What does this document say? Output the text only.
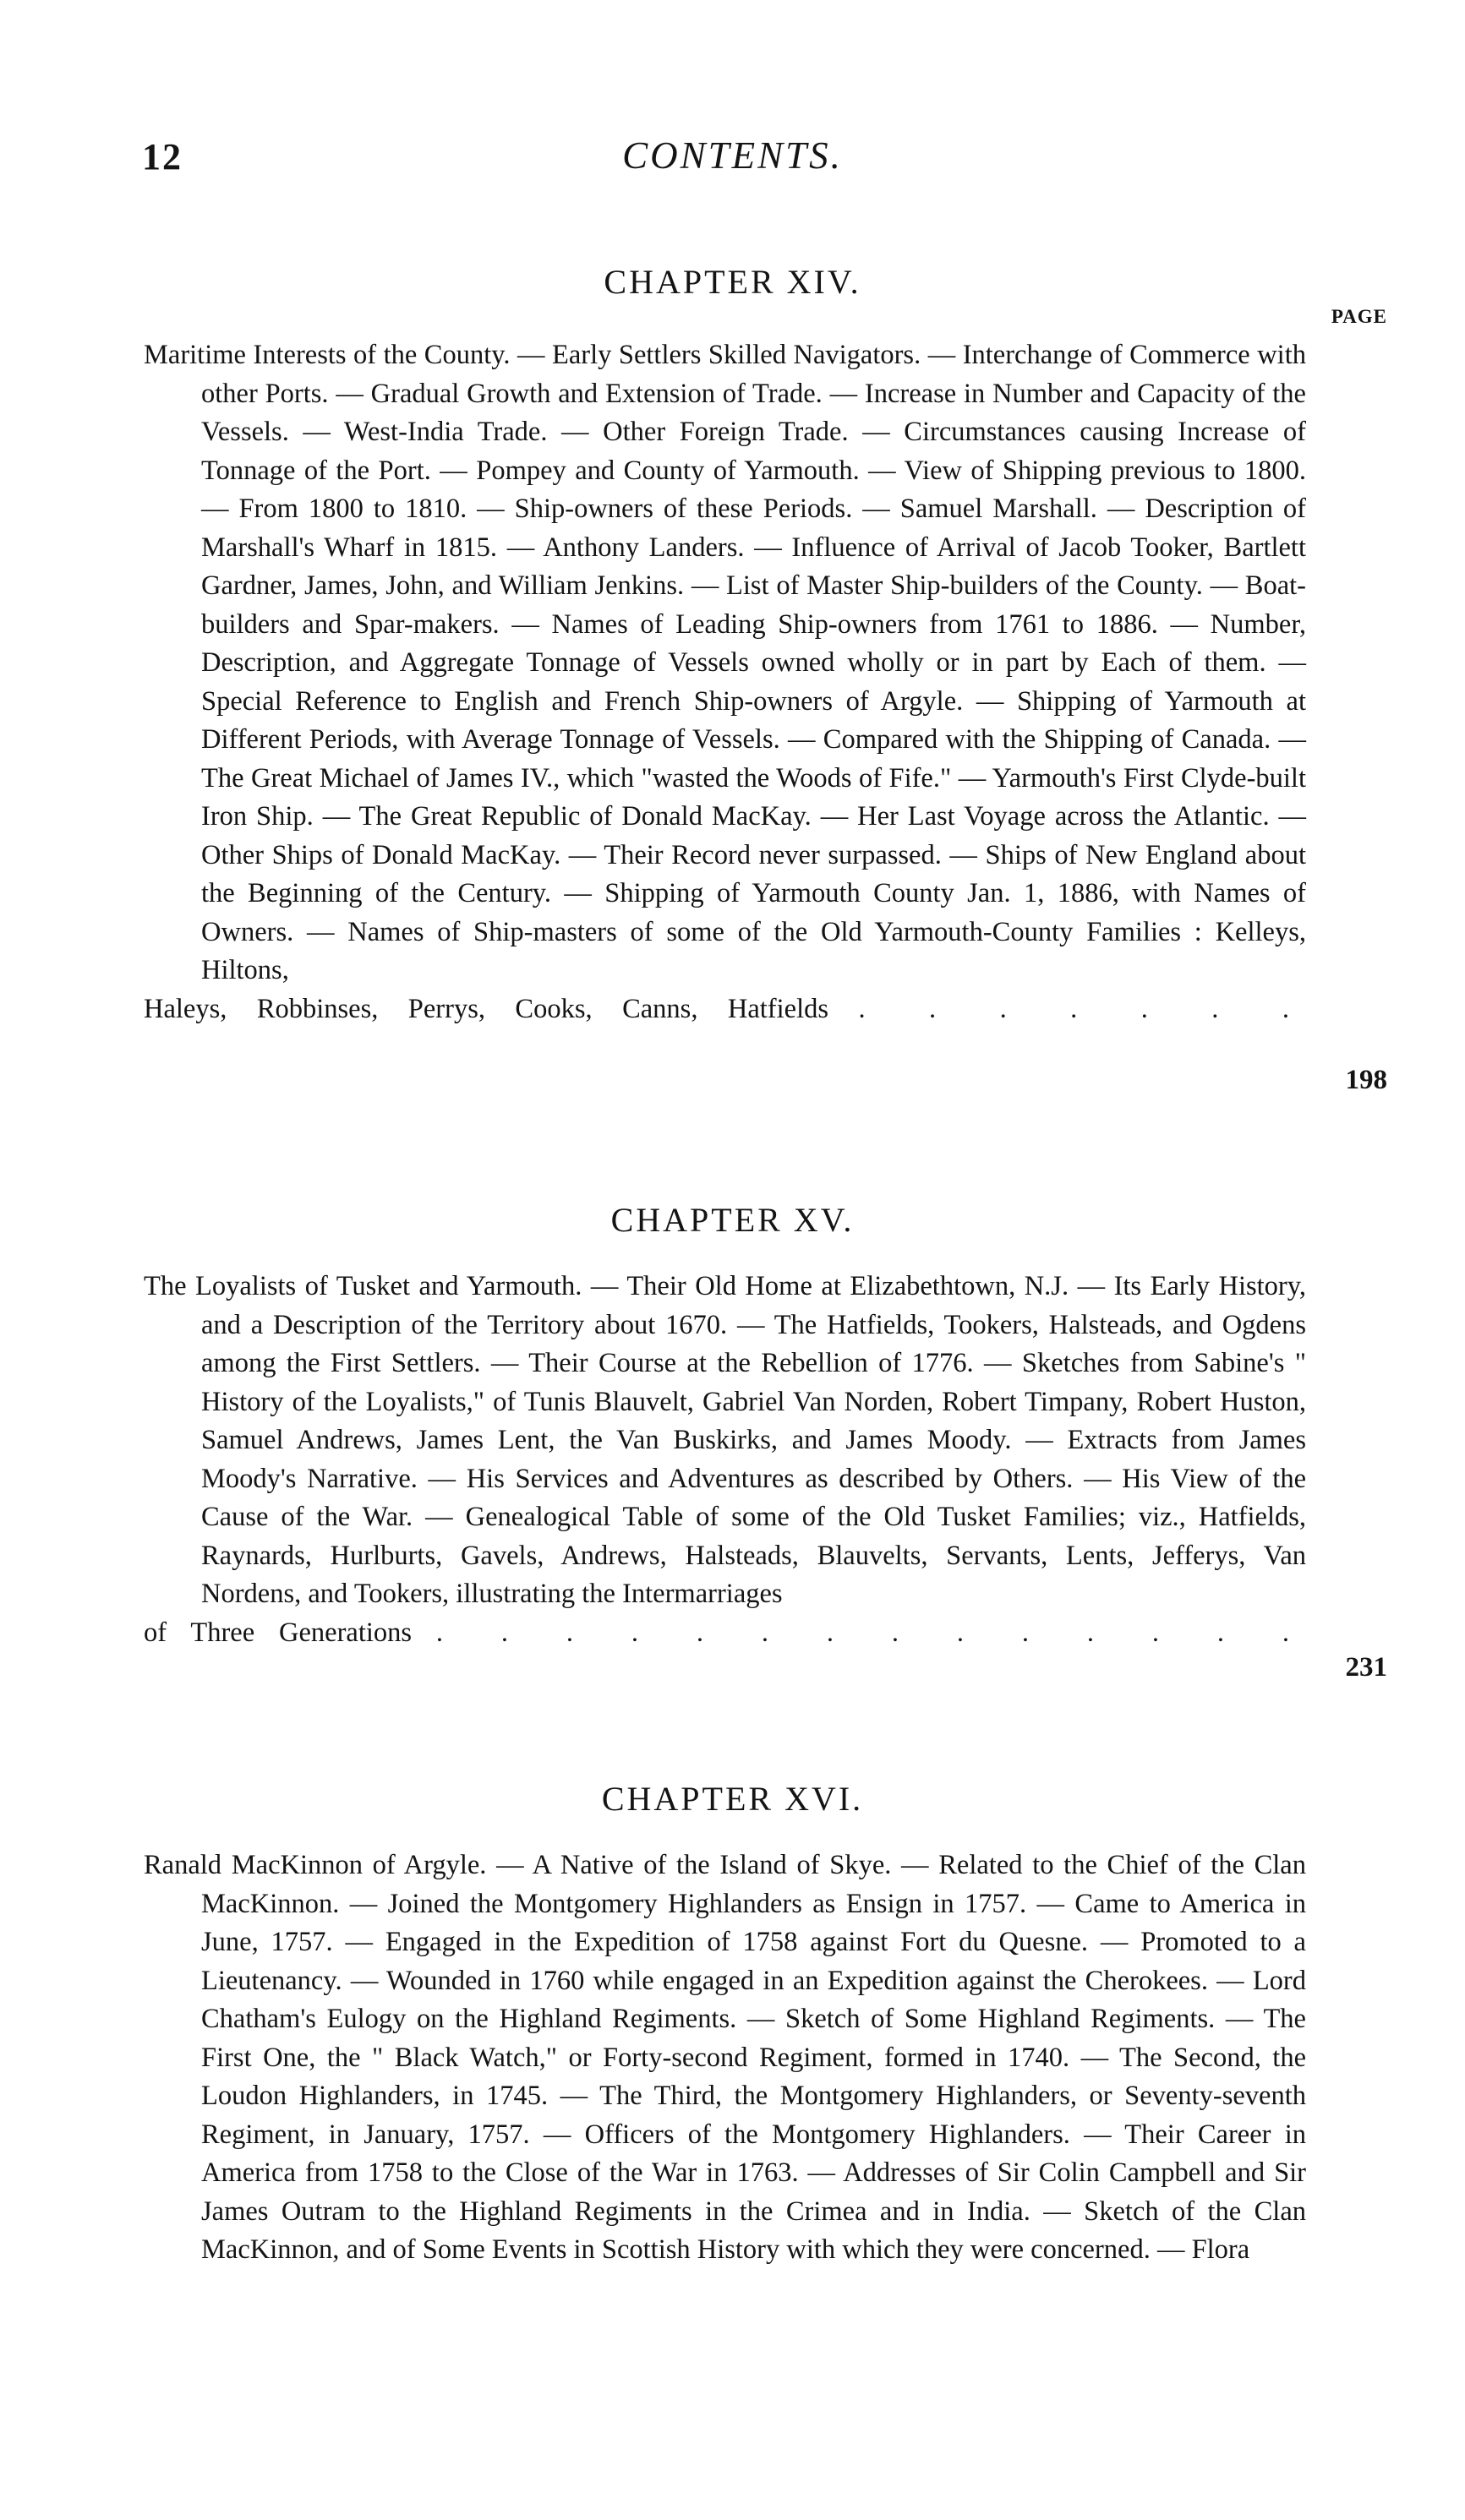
12	CONTENTS.
CHAPTER XIV.
PAGE
Maritime Interests of the County. — Early Settlers Skilled Navigators. — Interchange of Commerce with other Ports. — Gradual Growth and Extension of Trade. — Increase in Number and Capacity of the Vessels. — West-India Trade. — Other Foreign Trade. — Circumstances causing Increase of Tonnage of the Port. — Pompey and County of Yarmouth. — View of Shipping previous to 1800. — From 1800 to 1810. — Ship-owners of these Periods. — Samuel Marshall. — Description of Marshall's Wharf in 1815. — Anthony Landers. — Influence of Arrival of Jacob Tooker, Bartlett Gardner, James, John, and William Jenkins. — List of Master Ship-builders of the County. — Boat-builders and Spar-makers. — Names of Leading Ship-owners from 1761 to 1886. — Number, Description, and Aggregate Tonnage of Vessels owned wholly or in part by Each of them. — Special Reference to English and French Ship-owners of Argyle. — Shipping of Yarmouth at Different Periods, with Average Tonnage of Vessels. — Compared with the Shipping of Canada. — The Great Michael of James IV., which "wasted the Woods of Fife." — Yarmouth's First Clyde-built Iron Ship. — The Great Republic of Donald MacKay. — Her Last Voyage across the Atlantic. — Other Ships of Donald MacKay. — Their Record never surpassed. — Ships of New England about the Beginning of the Century. — Shipping of Yarmouth County Jan. 1, 1886, with Names of Owners. — Names of Ship-masters of some of the Old Yarmouth-County Families : Kelleys, Hiltons,
Haleys, Robbinses, Perrys, Cooks, Canns, Hatfields . . . . . . .
198
CHAPTER XV.
The Loyalists of Tusket and Yarmouth. — Their Old Home at Elizabethtown, N.J. — Its Early History, and a Description of the Territory about 1670. — The Hatfields, Tookers, Halsteads, and Ogdens among the First Settlers. — Their Course at the Rebellion of 1776. — Sketches from Sabine's " History of the Loyalists," of Tunis Blauvelt, Gabriel Van Norden, Robert Timpany, Robert Huston, Samuel Andrews, James Lent, the Van Buskirks, and James Moody. — Extracts from James Moody's Narrative. — His Services and Adventures as described by Others. — His View of the Cause of the War. — Genealogical Table of some of the Old Tusket Families; viz., Hatfields, Raynards, Hurlburts, Gavels, Andrews, Halsteads, Blauvelts, Servants, Lents, Jefferys, Van Nordens, and Tookers, illustrating the Intermarriages
of Three Generations . . . . . . . . . . . . . .
231
CHAPTER XVI.
Ranald MacKinnon of Argyle. — A Native of the Island of Skye. — Related to the Chief of the Clan MacKinnon. — Joined the Montgomery Highlanders as Ensign in 1757. — Came to America in June, 1757. — Engaged in the Expedition of 1758 against Fort du Quesne. — Promoted to a Lieutenancy. — Wounded in 1760 while engaged in an Expedition against the Cherokees. — Lord Chatham's Eulogy on the Highland Regiments. — Sketch of Some Highland Regiments. — The First One, the " Black Watch," or Forty-second Regiment, formed in 1740. — The Second, the Loudon Highlanders, in 1745. — The Third, the Montgomery Highlanders, or Seventy-seventh Regiment, in January, 1757. — Officers of the Montgomery Highlanders. — Their Career in America from 1758 to the Close of the War in 1763. — Addresses of Sir Colin Campbell and Sir James Outram to the Highland Regiments in the Crimea and in India. — Sketch of the Clan MacKinnon, and of Some Events in Scottish History with which they were concerned. — Flora
